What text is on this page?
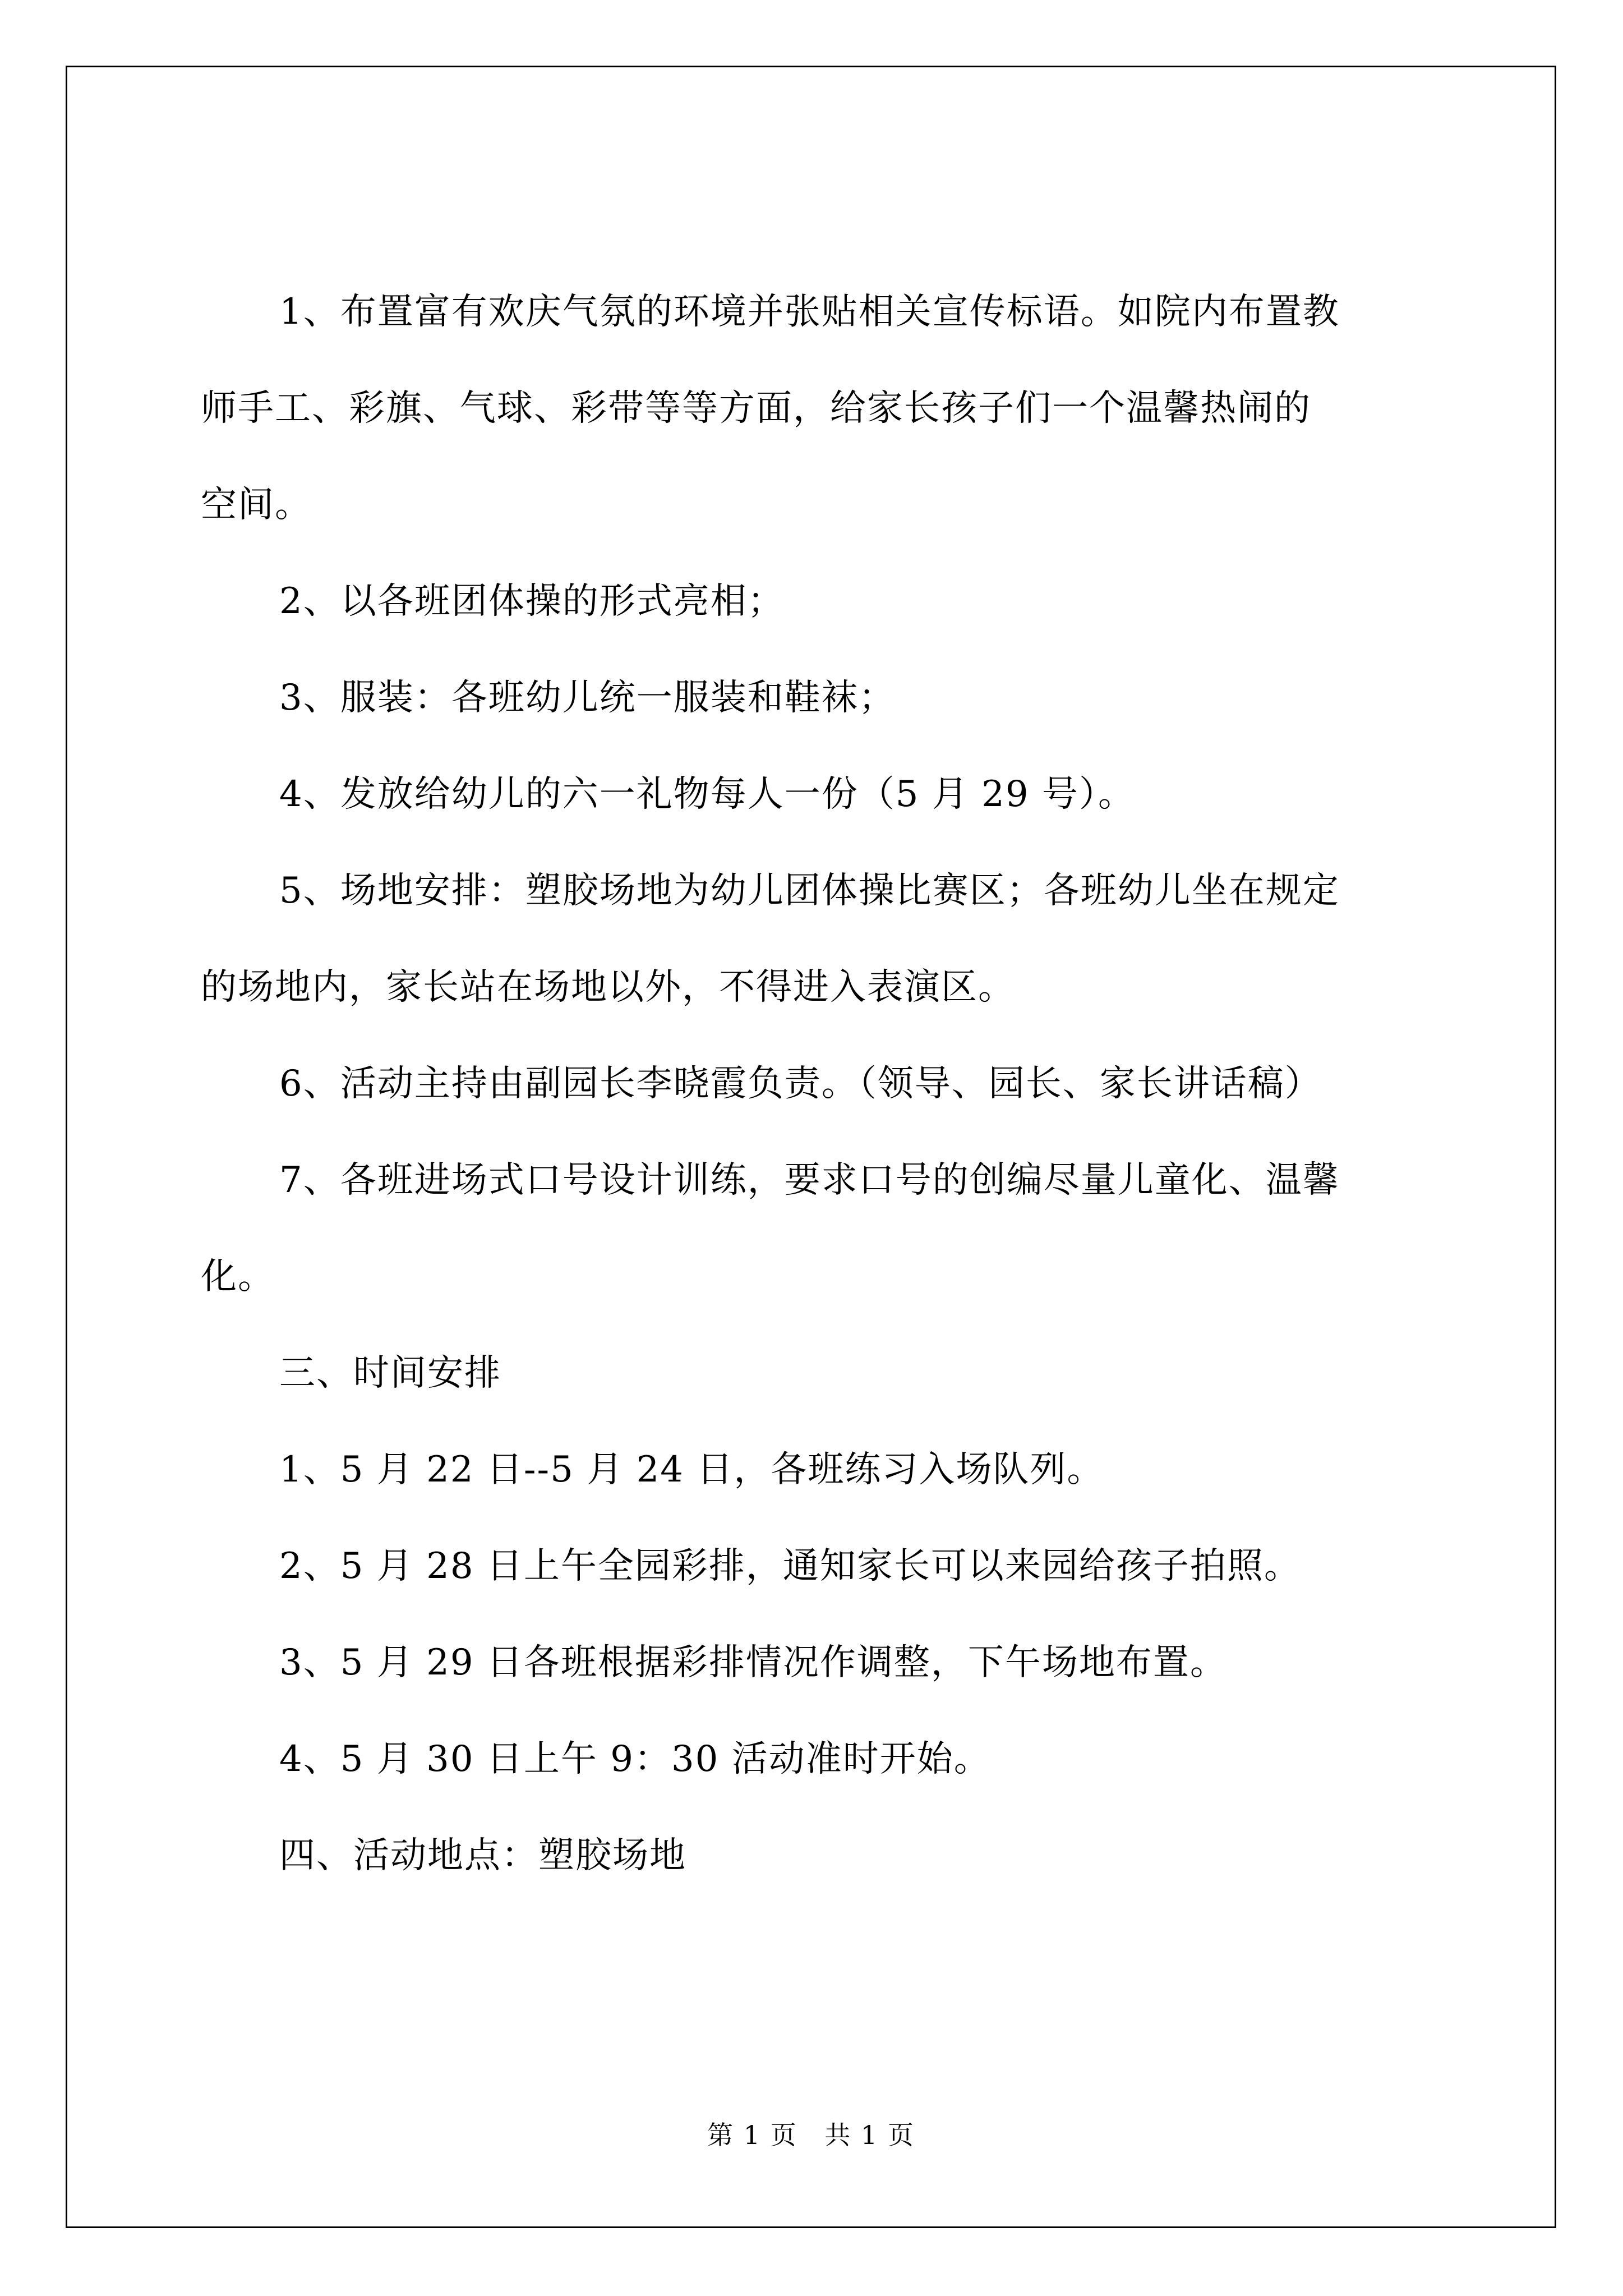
1、布置富有欢庆气氛的环境并张贴相关宣传标语。如院内布置教

师手工、彩旗、气球、彩带等等方面，给家长孩子们一个温馨热闹的

空间。

2、以各班团体操的形式亮相；

3、服装：各班幼儿统一服装和鞋袜；

4、发放给幼儿的六一礼物每人一份（5 月 29 号）。

5、场地安排：塑胶场地为幼儿团体操比赛区；各班幼儿坐在规定

的场地内，家长站在场地以外，不得进入表演区。

6、活动主持由副园长李晓霞负责。（领导、园长、家长讲话稿）

7、各班进场式口号设计训练，要求口号的创编尽量儿童化、温馨

化。

三、时间安排

1、5 月 22 日--5 月 24 日，各班练习入场队列。

2、5 月 28 日上午全园彩排，通知家长可以来园给孩子拍照。

3、5 月 29 日各班根据彩排情况作调整，下午场地布置。

4、5 月 30 日上午 9：30 活动准时开始。

四、活动地点：塑胶场地

第 1 页 共 1 页
